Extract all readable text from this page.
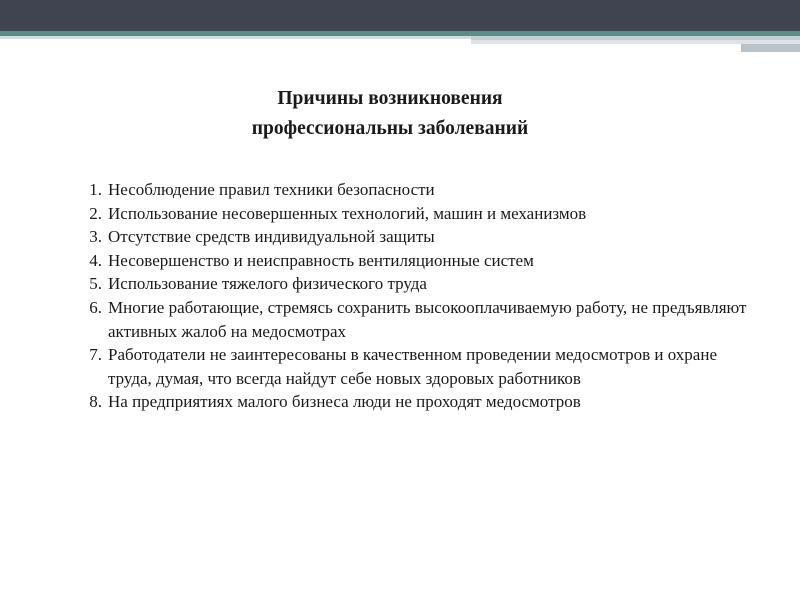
Причины возникновения
профессиональны заболеваний
1. Несоблюдение правил техники безопасности
2. Использование несовершенных технологий, машин и механизмов
3. Отсутствие средств индивидуальной защиты
4. Несовершенство и неисправность вентиляционные систем
5. Использование тяжелого физического труда
6. Многие работающие, стремясь сохранить высокооплачиваемую работу, не предъявляют активных жалоб на медосмотрах
7. Работодатели не заинтересованы в качественном проведении медосмотров и охране труда, думая, что всегда найдут себе новых здоровых работников
8. На предприятиях малого бизнеса люди не проходят медосмотров
